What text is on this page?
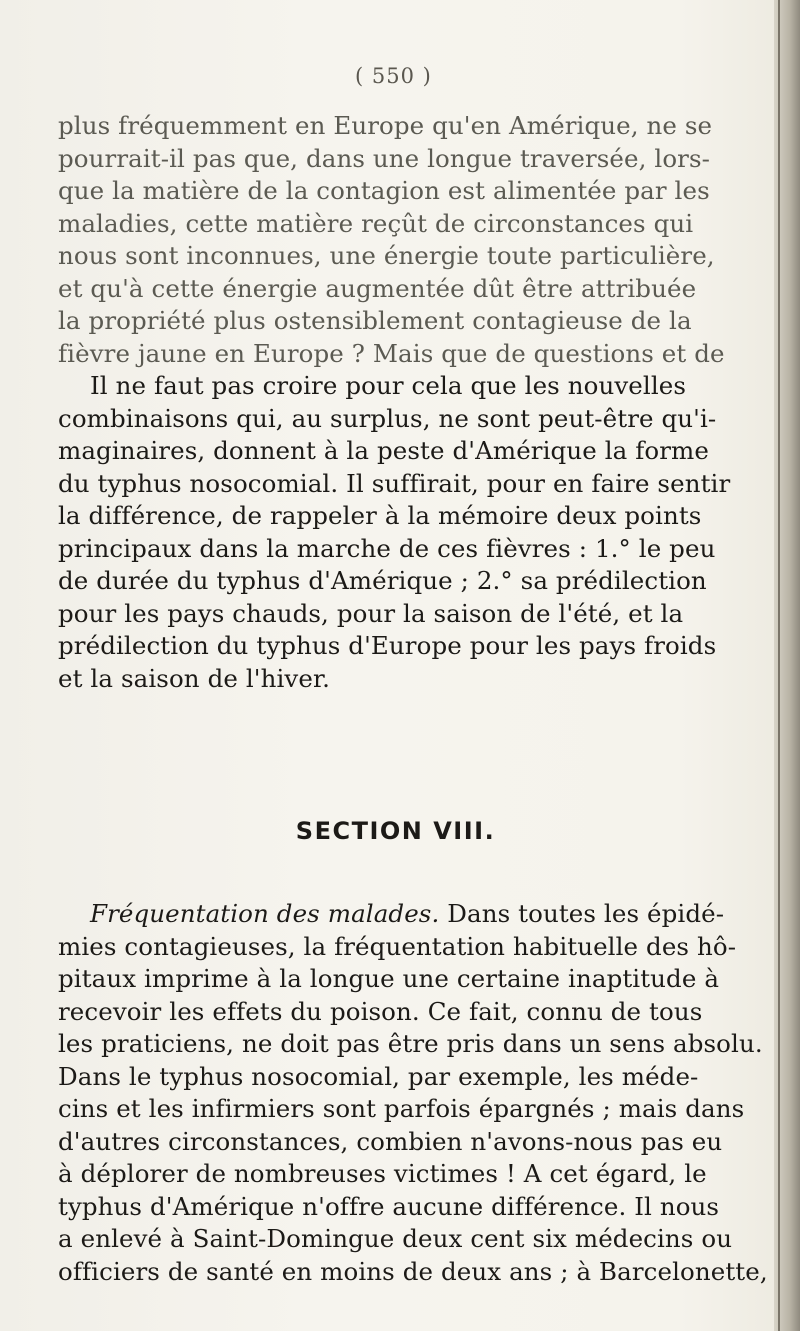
( 550 )

plus fréquemment en Europe qu'en Amérique, ne se
pourrait-il pas que, dans une longue traversée, lors-
que la matière de la contagion est alimentée par les
maladies, cette matière reçût de circonstances qui
nous sont inconnues, une énergie toute particulière,
et qu'à cette énergie augmentée dût être attribuée
la propriété plus ostensiblement contagieuse de la
fièvre jaune en Europe ? Mais que de questions et de

Il ne faut pas croire pour cela que les nouvelles
combinaisons qui, au surplus, ne sont peut-être qu'i-
maginaires, donnent à la peste d'Amérique la forme
du typhus nosocomial. Il suffirait, pour en faire sentir
la différence, de rappeler à la mémoire deux points
principaux dans la marche de ces fièvres : 1.° le peu
de durée du typhus d'Amérique ; 2.° sa prédilection
pour les pays chauds, pour la saison de l'été, et la
prédilection du typhus d'Europe pour les pays froids
et la saison de l'hiver.

SECTION VIII.

Fréquentation des malades. Dans toutes les épidé-
mies contagieuses, la fréquentation habituelle des hô-
pitaux imprime à la longue une certaine inaptitude à
recevoir les effets du poison. Ce fait, connu de tous
les praticiens, ne doit pas être pris dans un sens absolu.
Dans le typhus nosocomial, par exemple, les méde-
cins et les infirmiers sont parfois épargnés ; mais dans
d'autres circonstances, combien n'avons-nous pas eu
à déplorer de nombreuses victimes ! A cet égard, le
typhus d'Amérique n'offre aucune différence. Il nous
a enlevé à Saint-Domingue deux cent six médecins ou
officiers de santé en moins de deux ans ; à Barcelonette,
